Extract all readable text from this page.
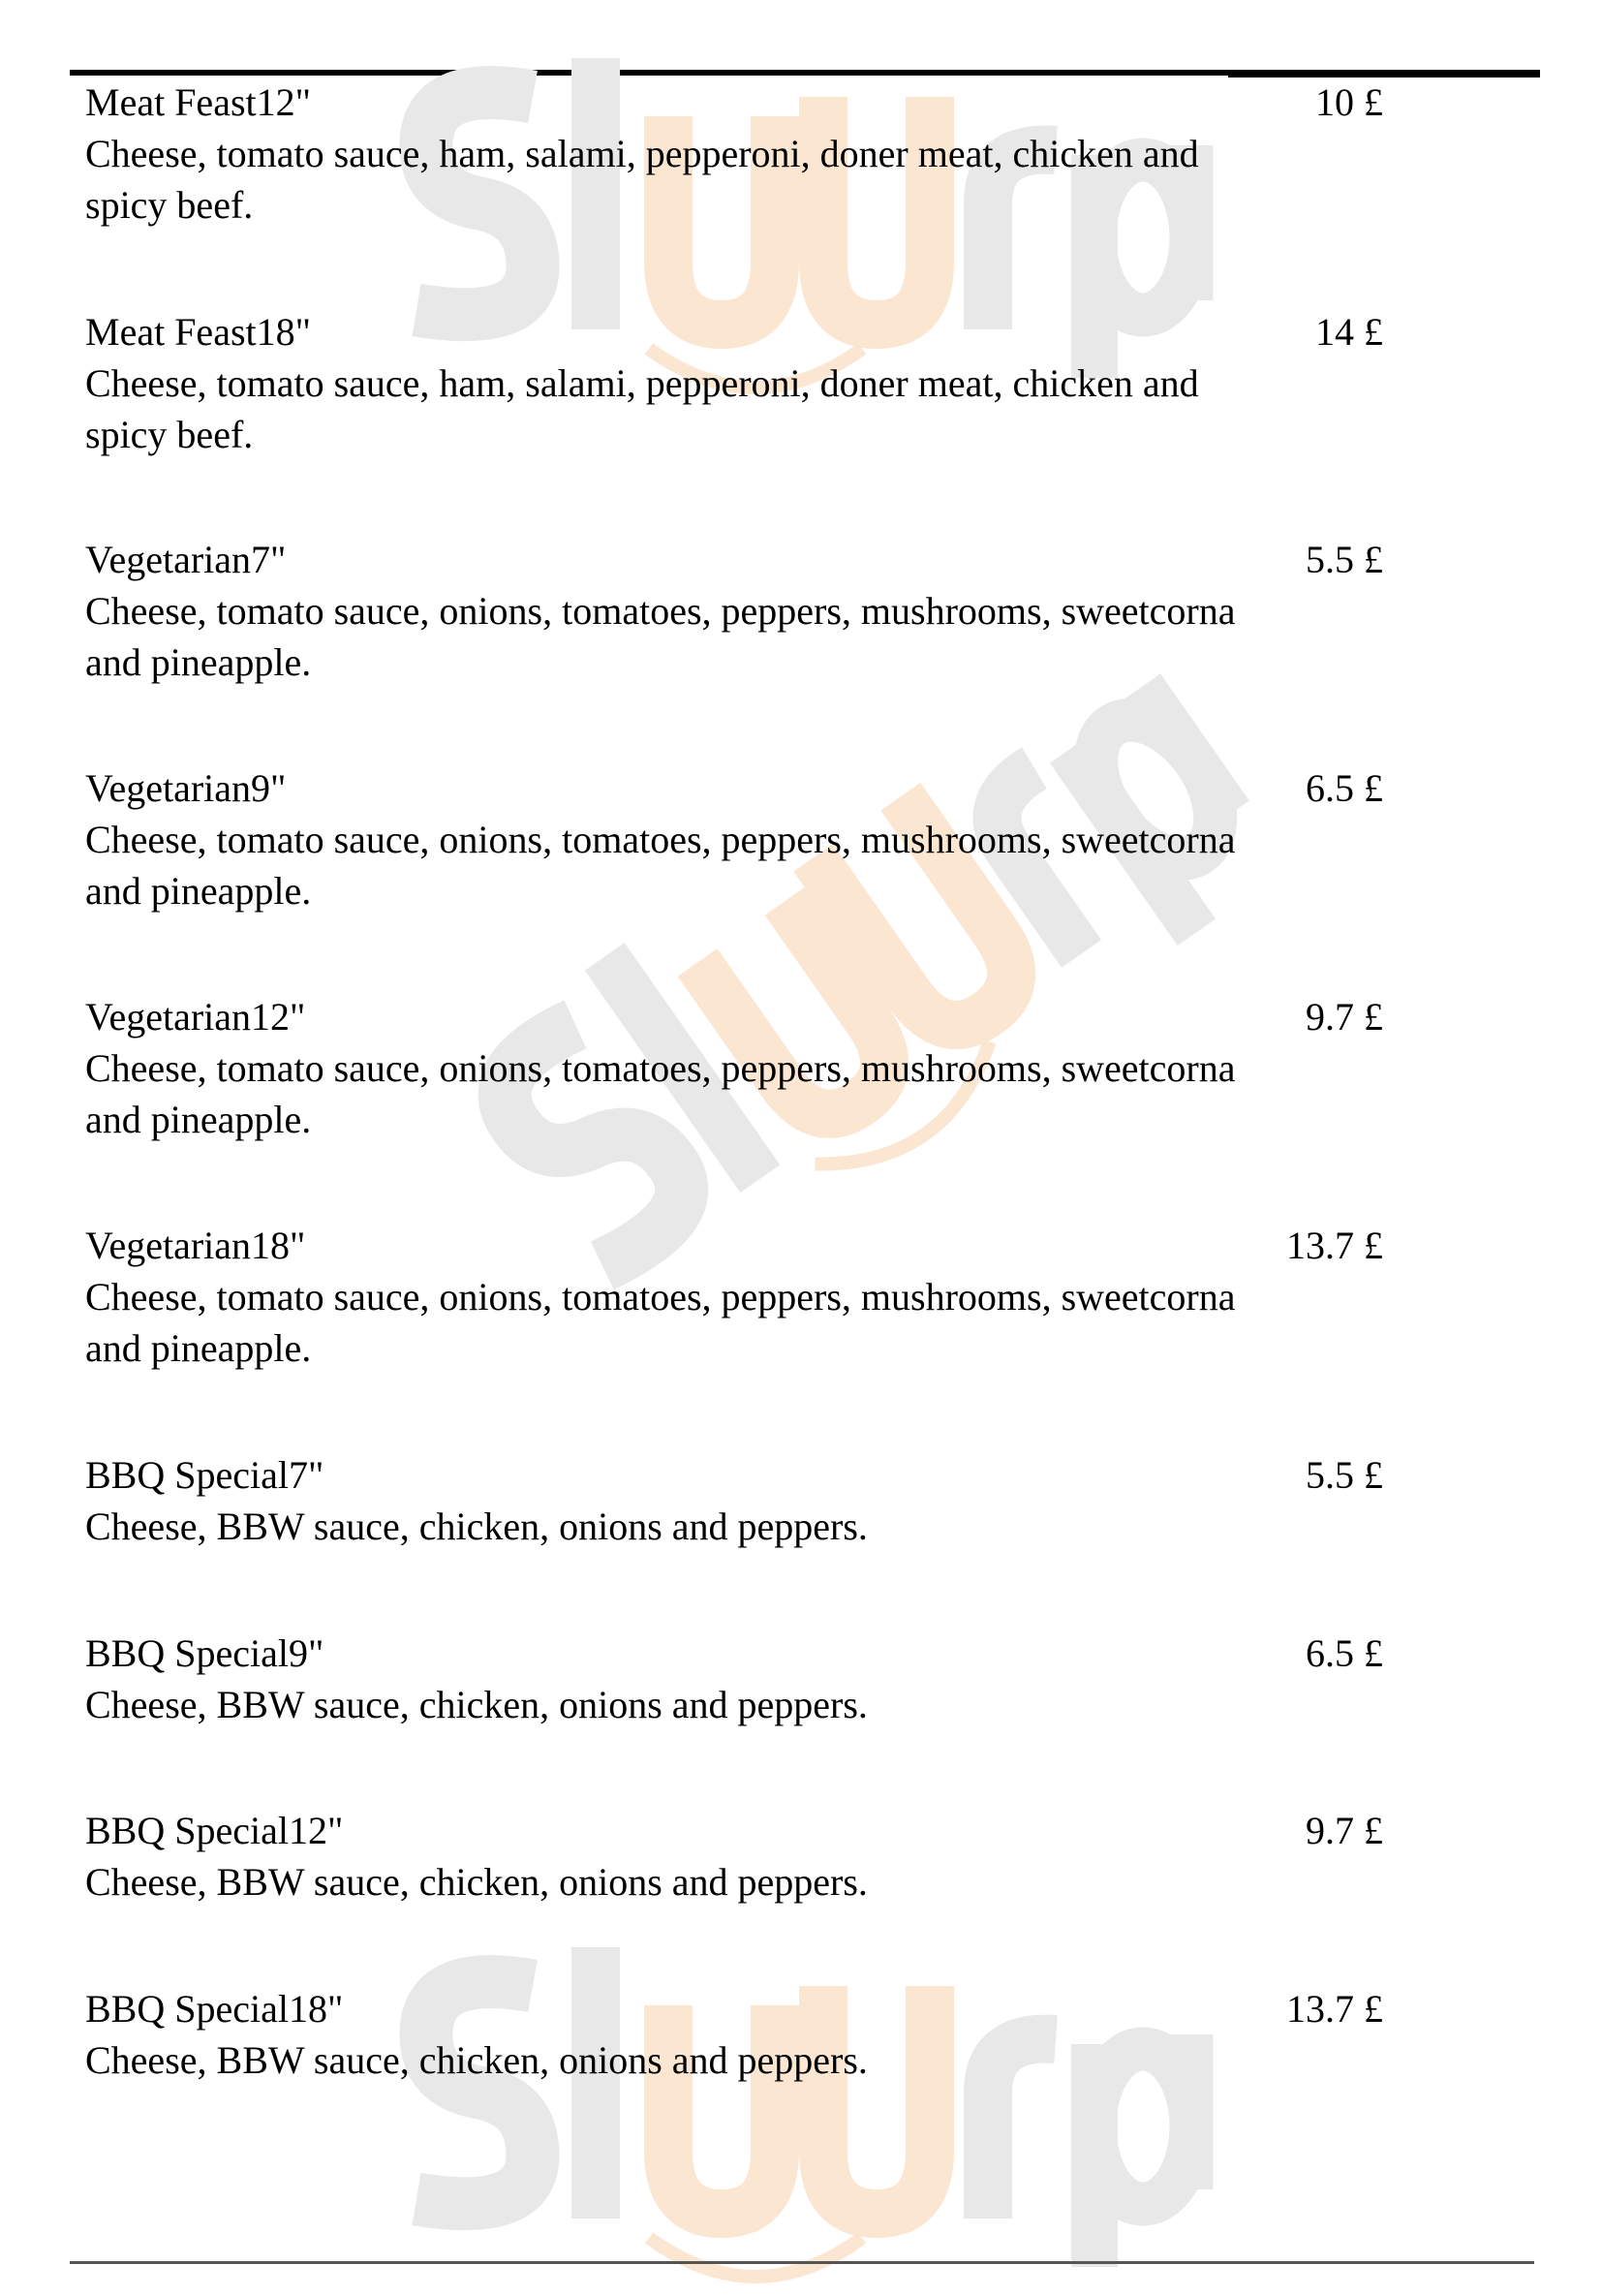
Meat Feast12"
Cheese, tomato sauce, ham, salami, pepperoni, doner meat, chicken and spicy beef.
10 £
Meat Feast18"
Cheese, tomato sauce, ham, salami, pepperoni, doner meat, chicken and spicy beef.
14 £
Vegetarian7"
Cheese, tomato sauce, onions, tomatoes, peppers, mushrooms, sweetcorna and pineapple.
5.5 £
Vegetarian9"
Cheese, tomato sauce, onions, tomatoes, peppers, mushrooms, sweetcorna and pineapple.
6.5 £
Vegetarian12"
Cheese, tomato sauce, onions, tomatoes, peppers, mushrooms, sweetcorna and pineapple.
9.7 £
Vegetarian18"
Cheese, tomato sauce, onions, tomatoes, peppers, mushrooms, sweetcorna and pineapple.
13.7 £
BBQ Special7"
Cheese, BBW sauce, chicken, onions and peppers.
5.5 £
BBQ Special9"
Cheese, BBW sauce, chicken, onions and peppers.
6.5 £
BBQ Special12"
Cheese, BBW sauce, chicken, onions and peppers.
9.7 £
BBQ Special18"
Cheese, BBW sauce, chicken, onions and peppers.
13.7 £
